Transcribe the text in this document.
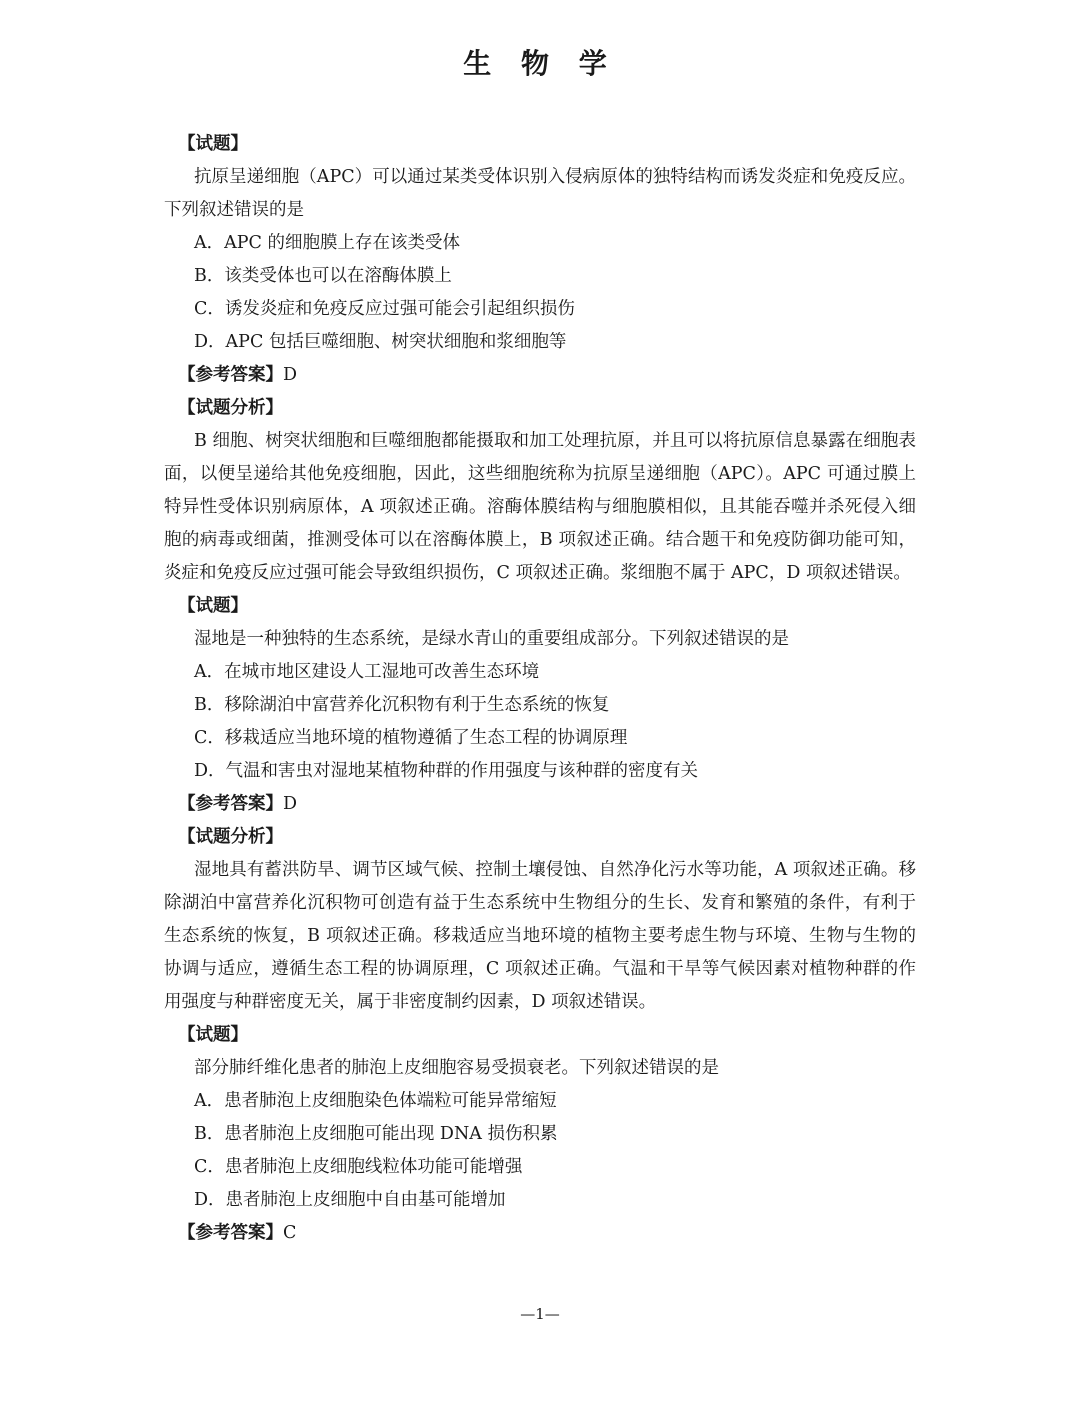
生 物 学
【试题】

抗原呈递细胞（APC）可以通过某类受体识别入侵病原体的独特结构而诱发炎症和免疫反应。下列叙述错误的是

A．APC 的细胞膜上存在该类受体
B．该类受体也可以在溶酶体膜上
C．诱发炎症和免疫反应过强可能会引起组织损伤
D．APC 包括巨噬细胞、树突状细胞和浆细胞等
【参考答案】D
【试题分析】

B 细胞、树突状细胞和巨噬细胞都能摄取和加工处理抗原，并且可以将抗原信息暴露在细胞表面，以便呈递给其他免疫细胞，因此，这些细胞统称为抗原呈递细胞（APC）。APC 可通过膜上特异性受体识别病原体，A 项叙述正确。溶酶体膜结构与细胞膜相似，且其能吞噬并杀死侵入细胞的病毒或细菌，推测受体可以在溶酶体膜上，B 项叙述正确。结合题干和免疫防御功能可知，炎症和免疫反应过强可能会导致组织损伤，C 项叙述正确。浆细胞不属于 APC，D 项叙述错误。

【试题】

湿地是一种独特的生态系统，是绿水青山的重要组成部分。下列叙述错误的是

A．在城市地区建设人工湿地可改善生态环境
B．移除湖泊中富营养化沉积物有利于生态系统的恢复
C．移栽适应当地环境的植物遵循了生态工程的协调原理
D．气温和害虫对湿地某植物种群的作用强度与该种群的密度有关
【参考答案】D
【试题分析】

湿地具有蓄洪防旱、调节区域气候、控制土壤侵蚀、自然净化污水等功能，A 项叙述正确。移除湖泊中富营养化沉积物可创造有益于生态系统中生物组分的生长、发育和繁殖的条件，有利于生态系统的恢复，B 项叙述正确。移栽适应当地环境的植物主要考虑生物与环境、生物与生物的协调与适应，遵循生态工程的协调原理，C 项叙述正确。气温和干旱等气候因素对植物种群的作用强度与种群密度无关，属于非密度制约因素，D 项叙述错误。

【试题】

部分肺纤维化患者的肺泡上皮细胞容易受损衰老。下列叙述错误的是

A．患者肺泡上皮细胞染色体端粒可能异常缩短
B．患者肺泡上皮细胞可能出现 DNA 损伤积累
C．患者肺泡上皮细胞线粒体功能可能增强
D．患者肺泡上皮细胞中自由基可能增加
【参考答案】C
—1—
